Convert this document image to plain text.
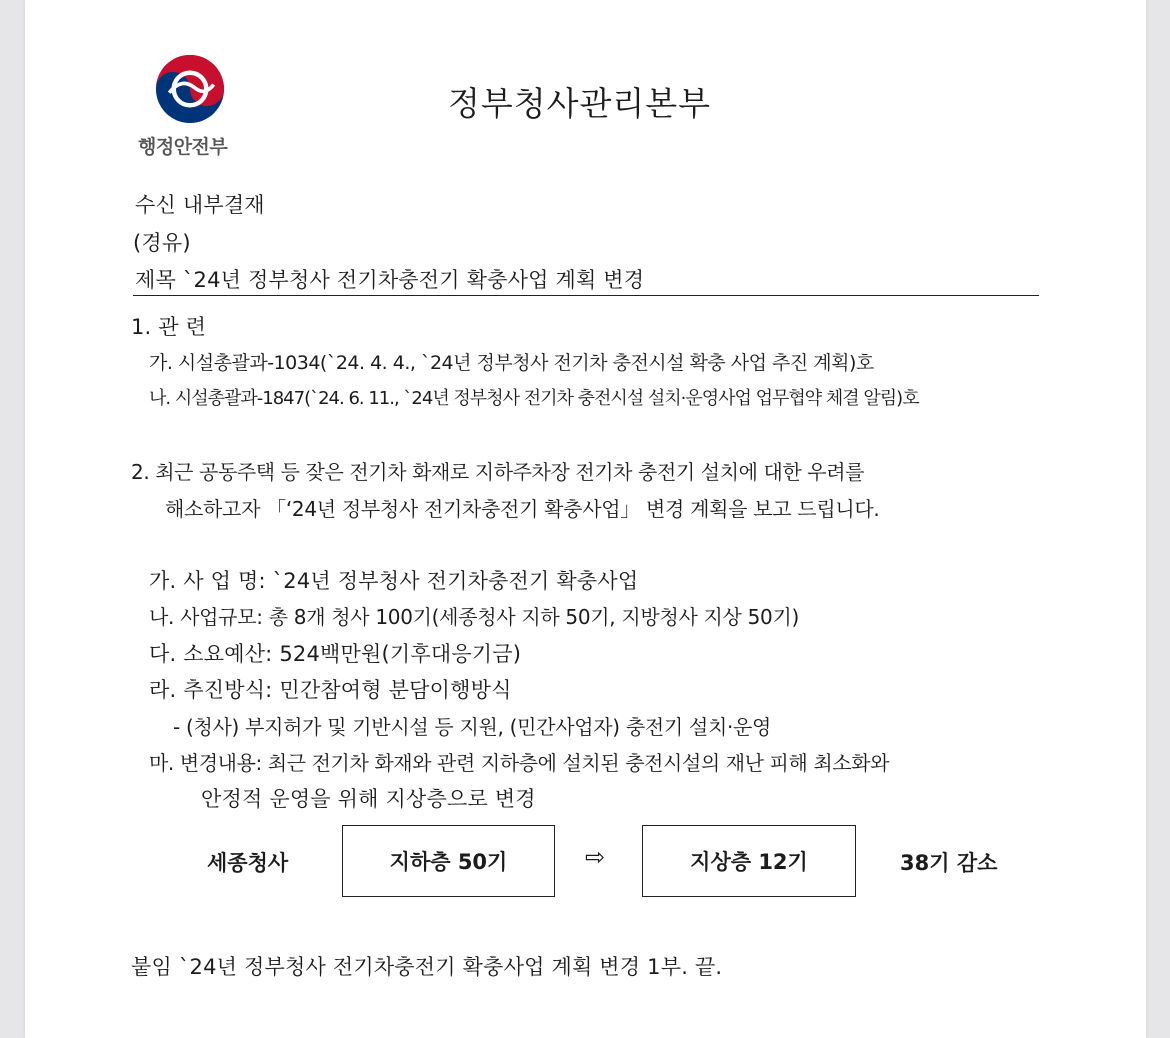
행정안전부
정부청사관리본부
수신 내부결재
(경유)
제목 `24년 정부청사 전기차충전기 확충사업 계획 변경
1. 관 련
가. 시설총괄과-1034(`24. 4. 4., `24년 정부청사 전기차 충전시설 확충 사업 추진 계획)호
나. 시설총괄과-1847(`24. 6. 11., `24년 정부청사 전기차 충전시설 설치·운영사업 업무협약 체결 알림)호
2. 최근 공동주택 등 잦은 전기차 화재로 지하주차장 전기차 충전기 설치에 대한 우려를
해소하고자 「‘24년 정부청사 전기차충전기 확충사업」 변경 계획을 보고 드립니다.
가. 사 업 명: `24년 정부청사 전기차충전기 확충사업
나. 사업규모: 총 8개 청사 100기(세종청사 지하 50기, 지방청사 지상 50기)
다. 소요예산: 524백만원(기후대응기금)
라. 추진방식: 민간참여형 분담이행방식
- (청사) 부지허가 및 기반시설 등 지원, (민간사업자) 충전기 설치·운영
마. 변경내용: 최근 전기차 화재와 관련 지하층에 설치된 충전시설의 재난 피해 최소화와
안정적 운영을 위해 지상층으로 변경
세종청사	지하층 50기	⇨	지상층 12기	38기 감소
붙임 `24년 정부청사 전기차충전기 확충사업 계획 변경 1부. 끝.
